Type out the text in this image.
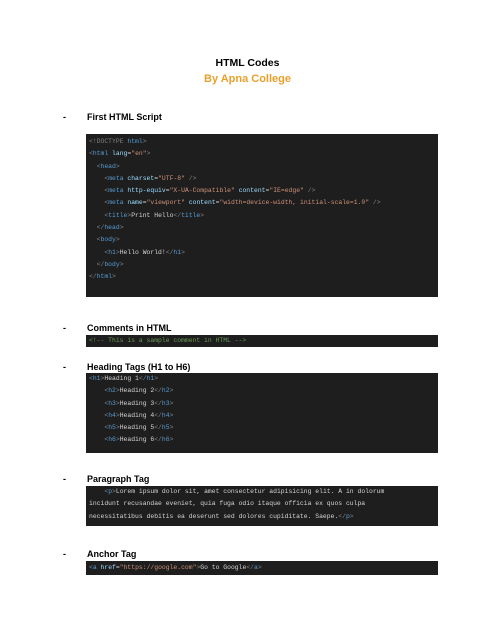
HTML Codes
By Apna College
- First HTML Script
<!DOCTYPE html>
<html lang="en">
<head>
<meta charset="UTF-8" />
<meta http-equiv="X-UA-Compatible" content="IE=edge" />
<meta name="viewport" content="width=device-width, initial-scale=1.0" />
<title>Print Hello</title>
</head>
<body>
<h1>Hello World!</h1>
</body>
</html>
- Comments in HTML
<!-- This is a sample comment in HTML -->
- Heading Tags (H1 to H6)
<h1>Heading 1</h1>
<h2>Heading 2</h2>
<h3>Heading 3</h3>
<h4>Heading 4</h4>
<h5>Heading 5</h5>
<h6>Heading 6</h6>
- Paragraph Tag
<p>Lorem ipsum dolor sit, amet consectetur adipisicing elit. A in dolorum
incidunt recusandae eveniet, quia fuga odio itaque officia ex quos culpa
necessitatibus debitis ea deserunt sed dolores cupiditate. Saepe.</p>
- Anchor Tag
<a href="https://google.com">Go to Google</a>
